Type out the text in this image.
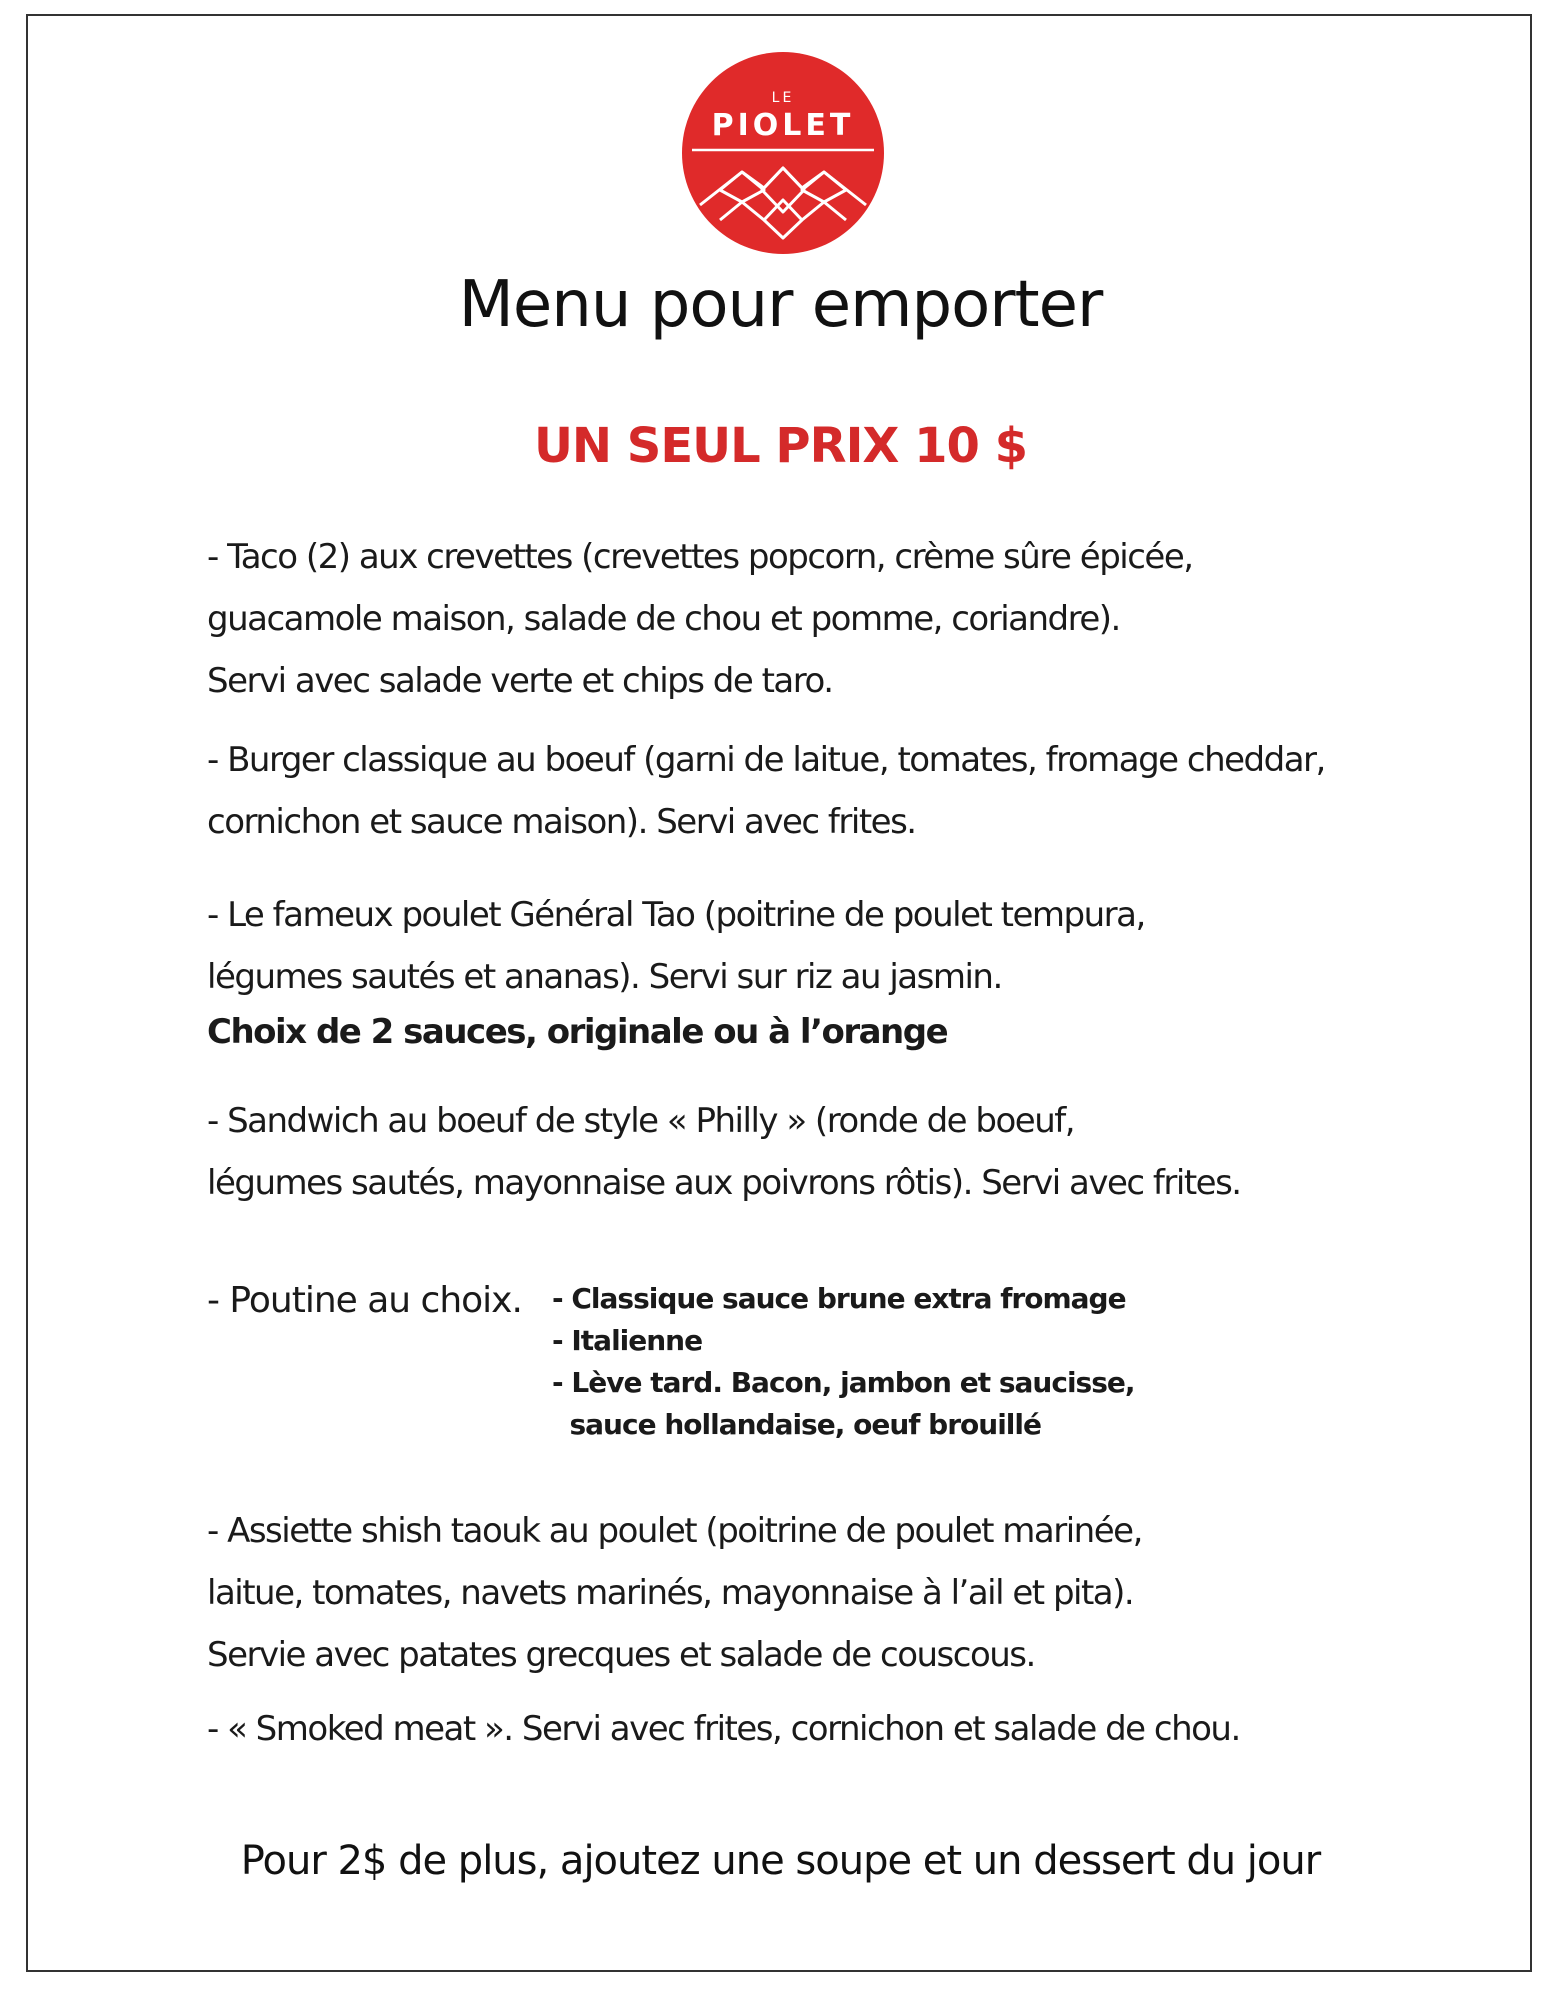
LE
PIOLET
Menu pour emporter
UN SEUL PRIX 10 $
- Taco (2) aux crevettes (crevettes popcorn, crème sûre épicée,
guacamole maison, salade de chou et pomme, coriandre).
Servi avec salade verte et chips de taro.
- Burger classique au boeuf (garni de laitue, tomates, fromage cheddar,
cornichon et sauce maison). Servi avec frites.
- Le fameux poulet Général Tao (poitrine de poulet tempura,
légumes sautés et ananas). Servi sur riz au jasmin.
Choix de 2 sauces, originale ou à l’orange
- Sandwich au boeuf de style « Philly » (ronde de boeuf,
légumes sautés, mayonnaise aux poivrons rôtis). Servi avec frites.
- Poutine au choix. - Classique sauce brune extra fromage
- Italienne
- Lève tard. Bacon, jambon et saucisse,
sauce hollandaise, oeuf brouillé
- Assiette shish taouk au poulet (poitrine de poulet marinée,
laitue, tomates, navets marinés, mayonnaise à l’ail et pita).
Servie avec patates grecques et salade de couscous.
- « Smoked meat ». Servi avec frites, cornichon et salade de chou.
Pour 2$ de plus, ajoutez une soupe et un dessert du jour
